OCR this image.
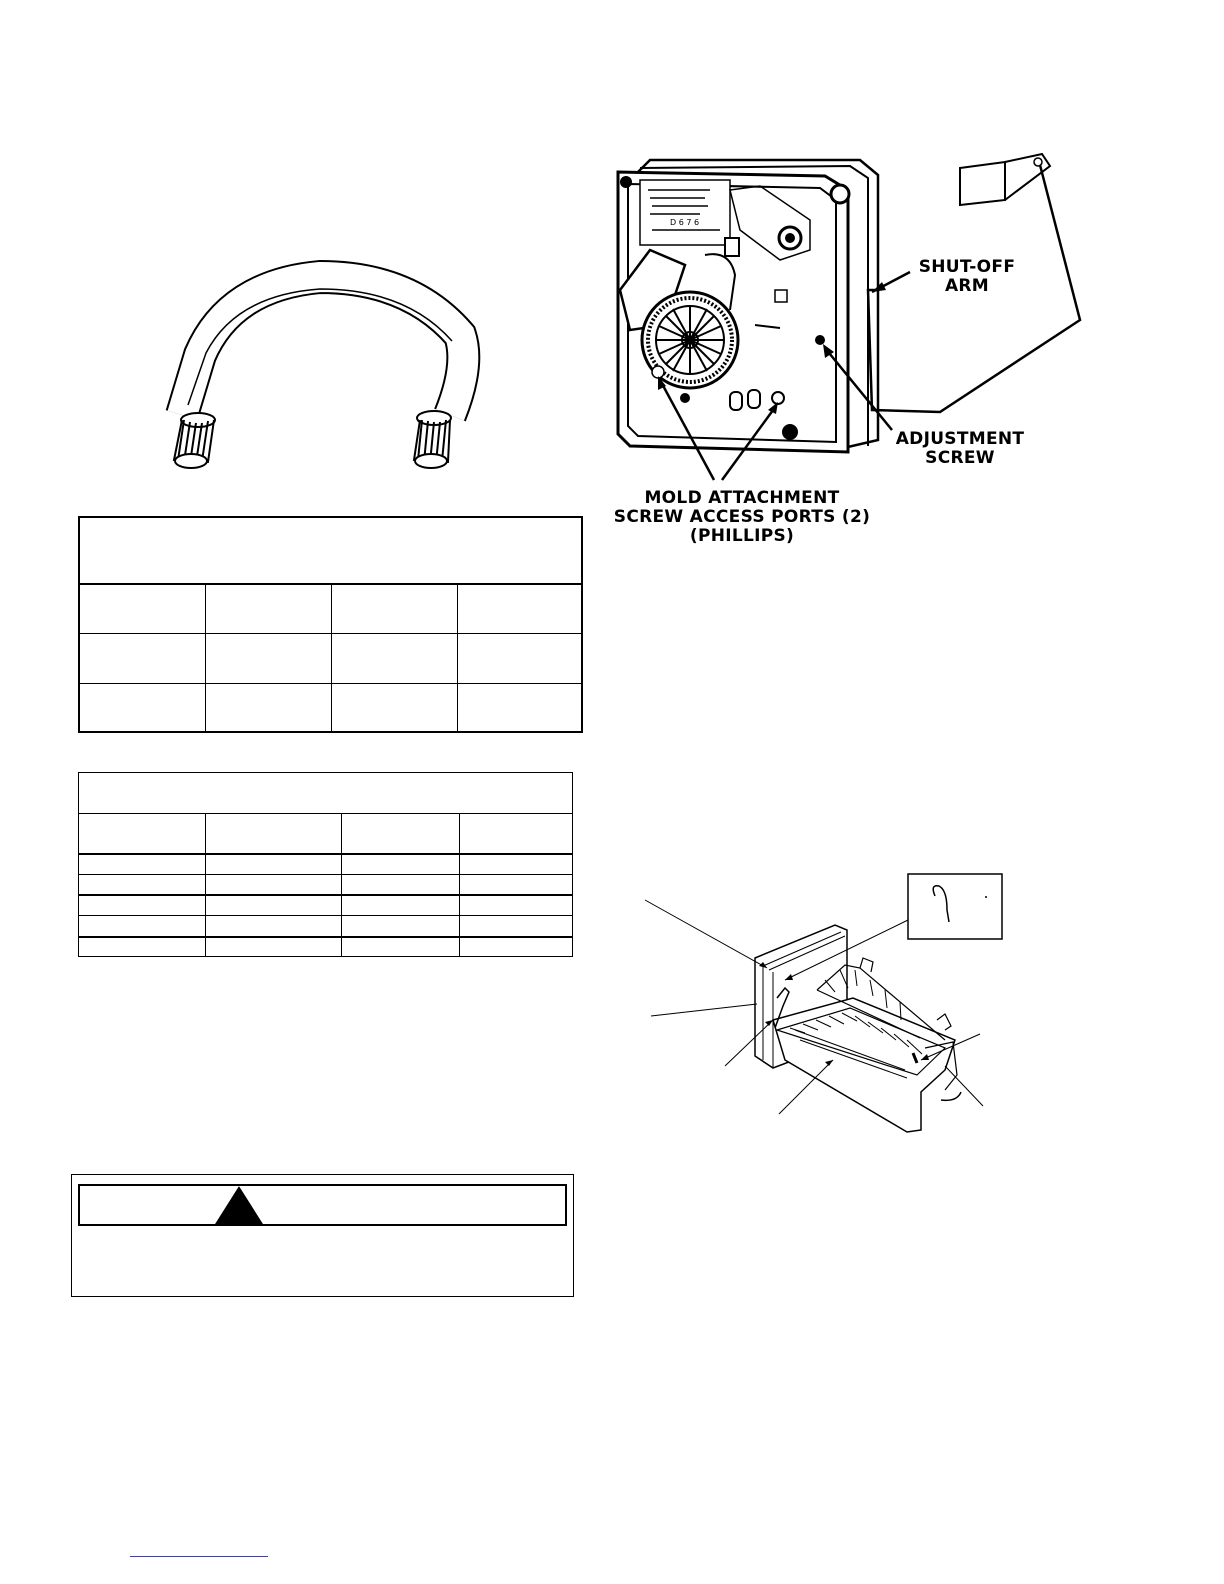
D 6 7 6
SHUT-OFF
ARM
ADJUSTMENT
SCREW
MOLD ATTACHMENT
SCREW ACCESS PORTS (2)
(PHILLIPS)
